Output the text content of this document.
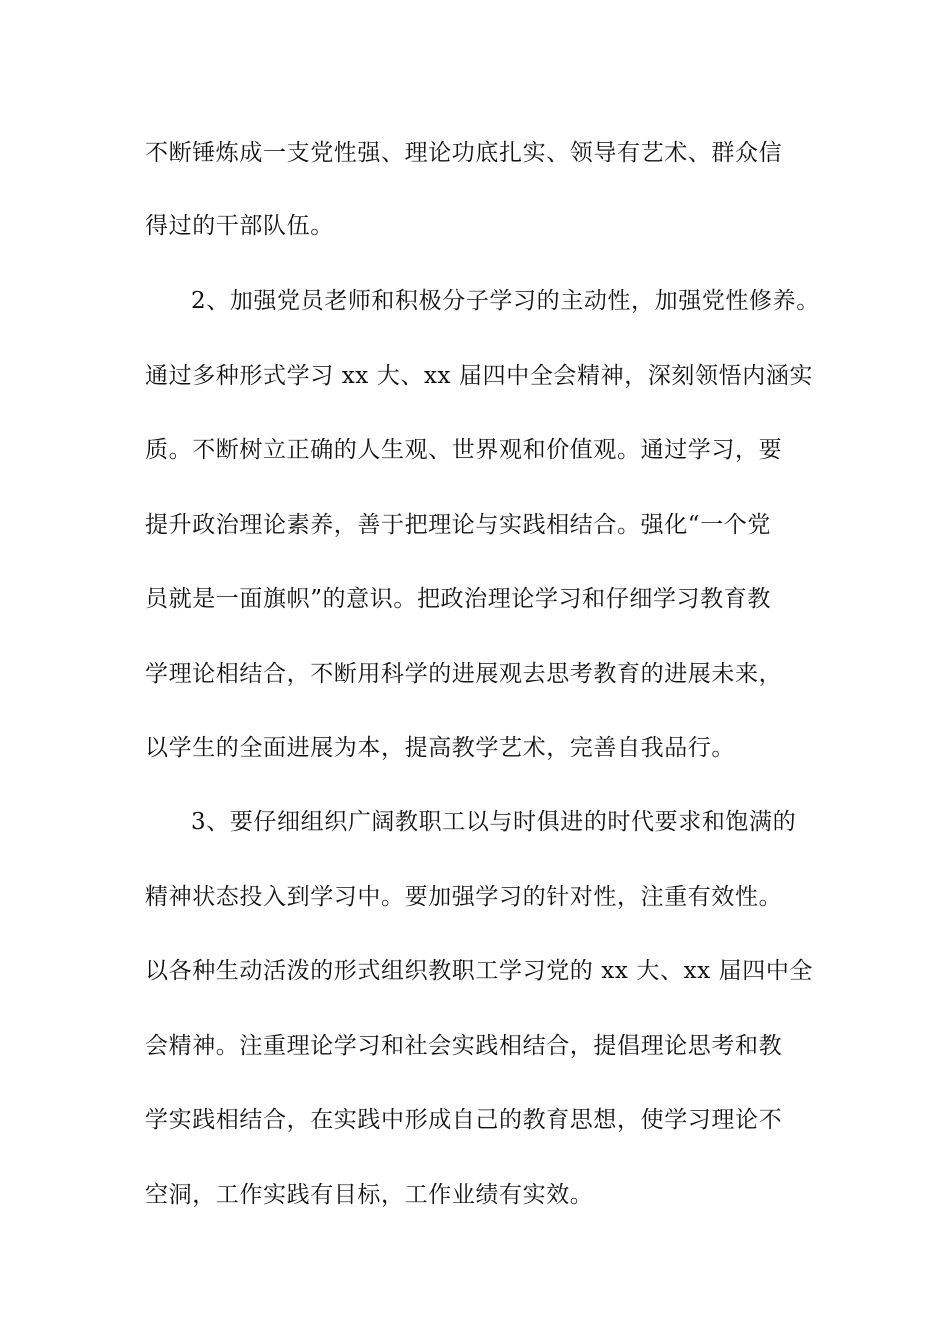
不断锤炼成一支党性强、理论功底扎实、领导有艺术、群众信
得过的干部队伍。
2、加强党员老师和积极分子学习的主动性，加强党性修养。
通过多种形式学习 xx 大、xx 届四中全会精神，深刻领悟内涵实
质。不断树立正确的人生观、世界观和价值观。通过学习，要
提升政治理论素养，善于把理论与实践相结合。强化“一个党
员就是一面旗帜”的意识。把政治理论学习和仔细学习教育教
学理论相结合，不断用科学的进展观去思考教育的进展未来，
以学生的全面进展为本，提高教学艺术，完善自我品行。
3、要仔细组织广阔教职工以与时俱进的时代要求和饱满的
精神状态投入到学习中。要加强学习的针对性，注重有效性。
以各种生动活泼的形式组织教职工学习党的 xx 大、xx 届四中全
会精神。注重理论学习和社会实践相结合，提倡理论思考和教
学实践相结合，在实践中形成自己的教育思想，使学习理论不
空洞，工作实践有目标，工作业绩有实效。
